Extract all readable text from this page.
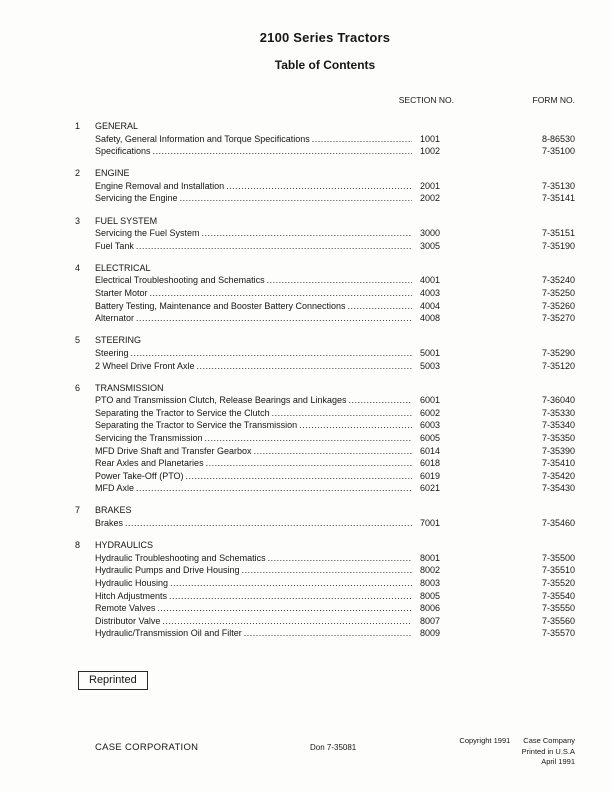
2100 Series Tractors
Table of Contents
SECTION NO.	FORM NO.
1	GENERAL
Safety, General Information and Torque Specifications .....	1001	8-86530
Specifications .....	1002	7-35100
2	ENGINE
Engine Removal and Installation .....	2001	7-35130
Servicing the Engine .....	2002	7-35141
3	FUEL SYSTEM
Servicing the Fuel System .....	3000	7-35151
Fuel Tank .....	3005	7-35190
4	ELECTRICAL
Electrical Troubleshooting and Schematics .....	4001	7-35240
Starter Motor .....	4003	7-35250
Battery Testing, Maintenance and Booster Battery Connections .....	4004	7-35260
Alternator .....	4008	7-35270
5	STEERING
Steering .....	5001	7-35290
2 Wheel Drive Front Axle .....	5003	7-35120
6	TRANSMISSION
PTO and Transmission Clutch, Release Bearings and Linkages .....	6001	7-36040
Separating the Tractor to Service the Clutch .....	6002	7-35330
Separating the Tractor to Service the Transmission .....	6003	7-35340
Servicing the Transmission .....	6005	7-35350
MFD Drive Shaft and Transfer Gearbox .....	6014	7-35390
Rear Axles and Planetaries .....	6018	7-35410
Power Take-Off (PTO) .....	6019	7-35420
MFD Axle .....	6021	7-35430
7	BRAKES
Brakes .....	7001	7-35460
8	HYDRAULICS
Hydraulic Troubleshooting and Schematics .....	8001	7-35500
Hydraulic Pumps and Drive Housing .....	8002	7-35510
Hydraulic Housing .....	8003	7-35520
Hitch Adjustments .....	8005	7-35540
Remote Valves .....	8006	7-35550
Distributor Valve .....	8007	7-35560
Hydraulic/Transmission Oil and Filter .....	8009	7-35570
Reprinted
CASE CORPORATION	Don 7-35081
Copyright 1991 Case Company
Printed in U.S.A
April 1991
